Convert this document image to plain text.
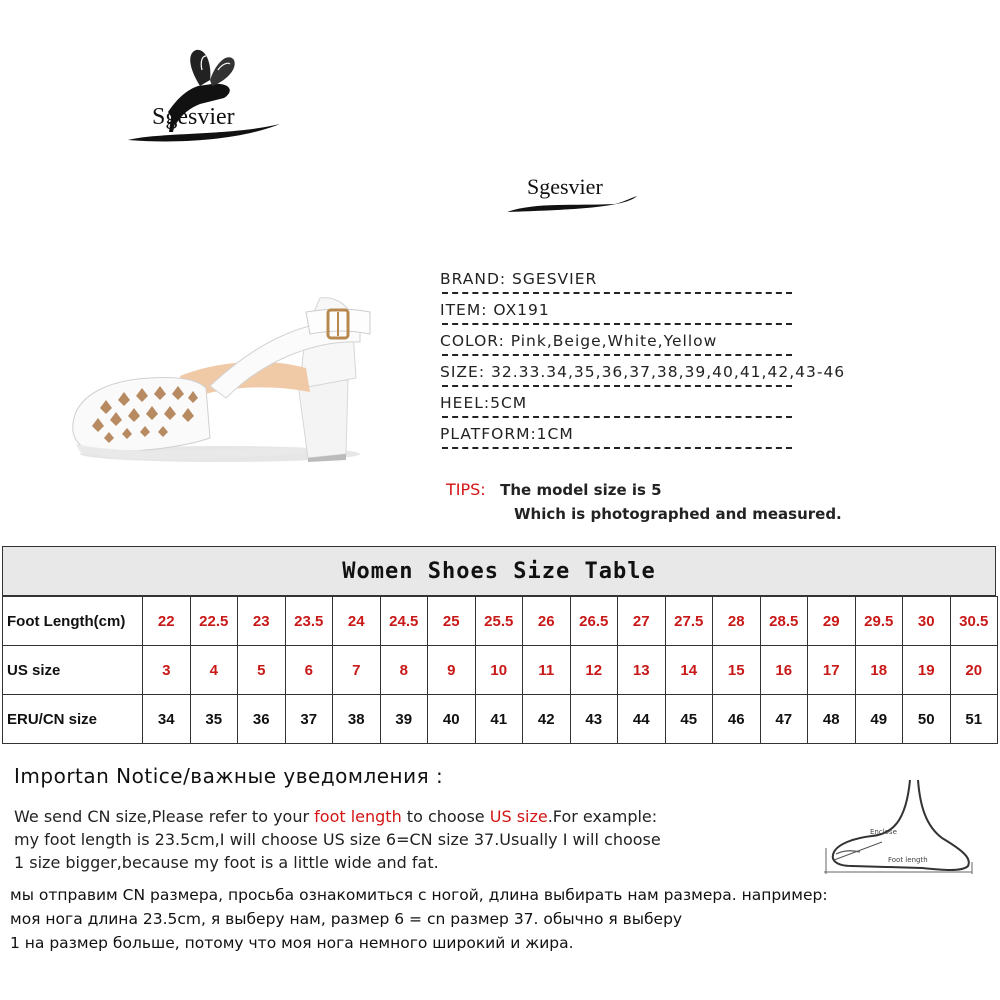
Sgesvier
Sgesvier
BRAND: SGESVIER
ITEM: OX191
COLOR: Pink,Beige,White,Yellow
SIZE: 32.33.34,35,36,37,38,39,40,41,42,43-46
HEEL:5CM
PLATFORM:1CM
TIPS: The model size is 5
Which is photographed and measured.
Women Shoes Size Table
Foot Length(cm)	22	22.5	23	23.5	24	24.5	25	25.5	26	26.5	27	27.5	28	28.5	29	29.5	30	30.5
US size	3	4	5	6	7	8	9	10	11	12	13	14	15	16	17	18	19	20
ERU/CN size	34	35	36	37	38	39	40	41	42	43	44	45	46	47	48	49	50	51
Importan Notice/важные уведомления :
We send CN size,Please refer to your foot length to choose US size.For example:
my foot length is 23.5cm,I will choose US size 6=CN size 37.Usually I will choose
1 size bigger,because my foot is a little wide and fat.
мы отправим CN размера, просьба ознакомиться с ногой, длина выбирать нам размера. например:
моя нога длина 23.5cm, я выберу нам, размер 6 = cn размер 37. обычно я выберу
1 на размер больше, потому что моя нога немного широкий и жира.
Enclose
Foot length
